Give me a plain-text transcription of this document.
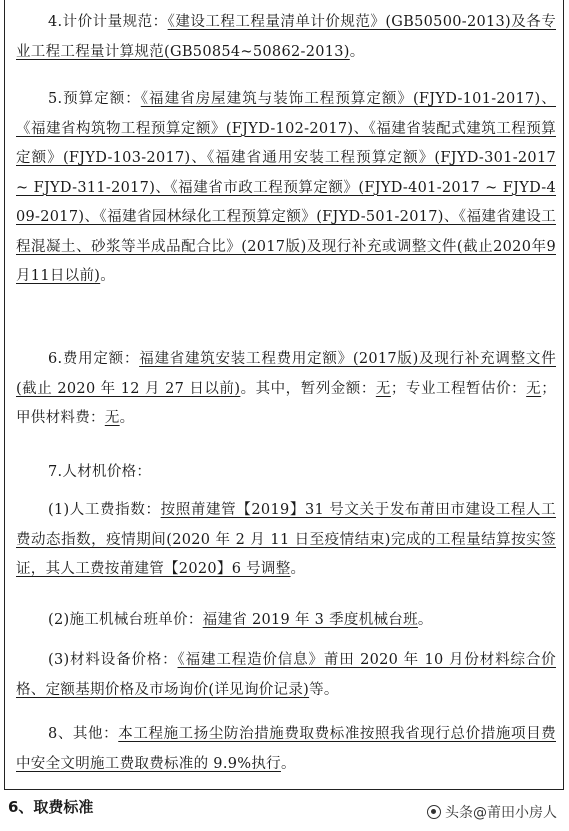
4.计价计量规范：《建设工程工程量清单计价规范》(GB50500-2013)及各专业工程工程量计算规范(GB50854~50862-2013)。
5.预算定额：《福建省房屋建筑与装饰工程预算定额》(FJYD-101-2017)、《福建省构筑物工程预算定额》(FJYD-102-2017)、《福建省装配式建筑工程预算定额》(FJYD-103-2017)、《福建省通用安装工程预算定额》(FJYD-301-2017 ~ FJYD-311-2017)、《福建省市政工程预算定额》(FJYD-401-2017 ~ FJYD-409-2017)、《福建省园林绿化工程预算定额》(FJYD-501-2017)、《福建省建设工程混凝土、砂浆等半成品配合比》(2017版)及现行补充或调整文件(截止2020年9月11日以前)。
6.费用定额：福建省建筑安装工程费用定额》(2017版)及现行补充调整文件(截止 2020 年 12 月 27 日以前)。其中，暂列金额：无；专业工程暂估价：无；甲供材料费：无。
7.人材机价格：
(1)人工费指数：按照莆建管【2019】31 号文关于发布莆田市建设工程人工费动态指数，疫情期间(2020 年 2 月 11 日至疫情结束)完成的工程量结算按实签证，其人工费按莆建管【2020】6 号调整。
(2)施工机械台班单价：福建省 2019 年 3 季度机械台班。
(3)材料设备价格：《福建工程造价信息》莆田 2020 年 10 月份材料综合价格、定额基期价格及市场询价(详见询价记录)等。
8、其他：本工程施工扬尘防治措施费取费标准按照我省现行总价措施项目费中安全文明施工费取费标准的 9.9%执行。
6、取费标准	头条@莆田小房人
